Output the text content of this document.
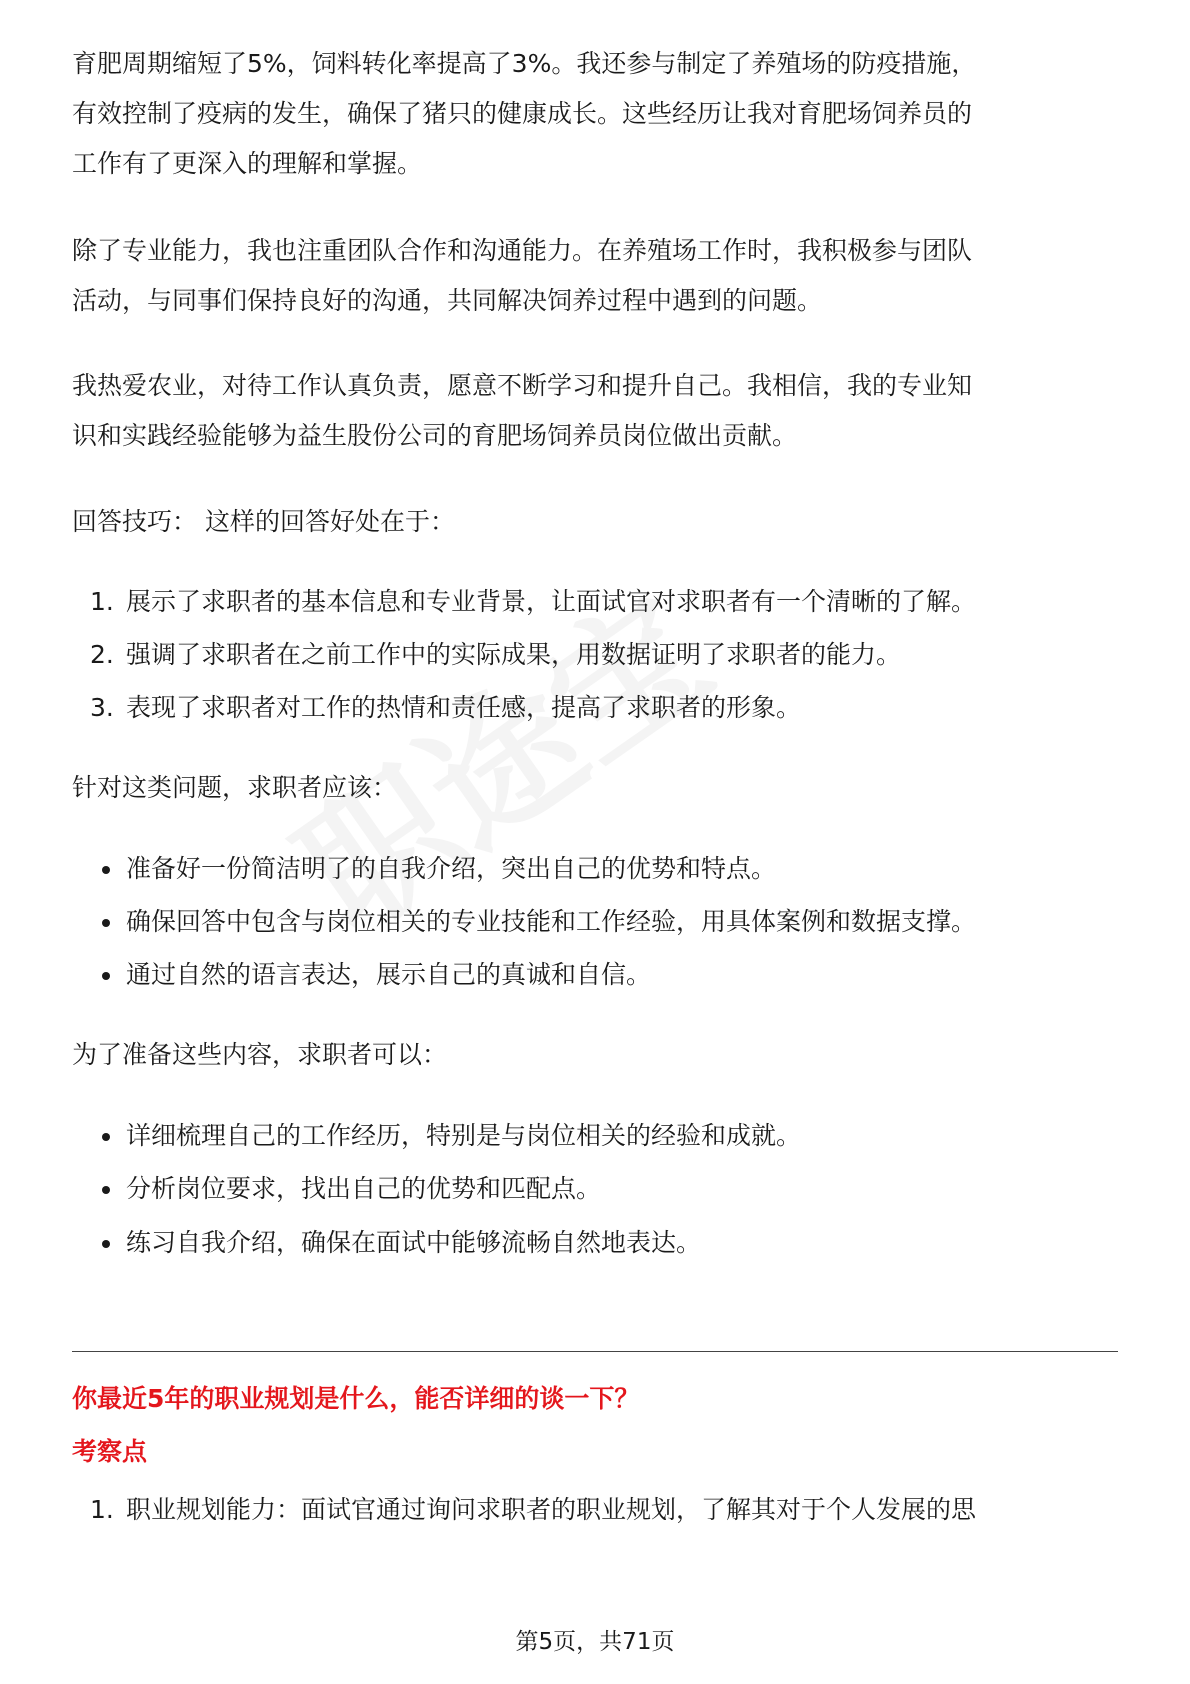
育肥周期缩短了5%，饲料转化率提高了3%。我还参与制定了养殖场的防疫措施，
有效控制了疫病的发生，确保了猪只的健康成长。这些经历让我对育肥场饲养员的
工作有了更深入的理解和掌握。

除了专业能力，我也注重团队合作和沟通能力。在养殖场工作时，我积极参与团队
活动，与同事们保持良好的沟通，共同解决饲养过程中遇到的问题。

我热爱农业，对待工作认真负责，愿意不断学习和提升自己。我相信，我的专业知
识和实践经验能够为益生股份公司的育肥场饲养员岗位做出贡献。

回答技巧： 这样的回答好处在于：

1. 展示了求职者的基本信息和专业背景，让面试官对求职者有一个清晰的了解。
2. 强调了求职者在之前工作中的实际成果，用数据证明了求职者的能力。
3. 表现了求职者对工作的热情和责任感，提高了求职者的形象。

针对这类问题，求职者应该：

准备好一份简洁明了的自我介绍，突出自己的优势和特点。
确保回答中包含与岗位相关的专业技能和工作经验，用具体案例和数据支撑。
通过自然的语言表达，展示自己的真诚和自信。

为了准备这些内容，求职者可以：

详细梳理自己的工作经历，特别是与岗位相关的经验和成就。
分析岗位要求，找出自己的优势和匹配点。
练习自我介绍，确保在面试中能够流畅自然地表达。
你最近5年的职业规划是什么，能否详细的谈一下？
考察点
1. 职业规划能力：面试官通过询问求职者的职业规划，了解其对于个人发展的思
第5页，共71页
